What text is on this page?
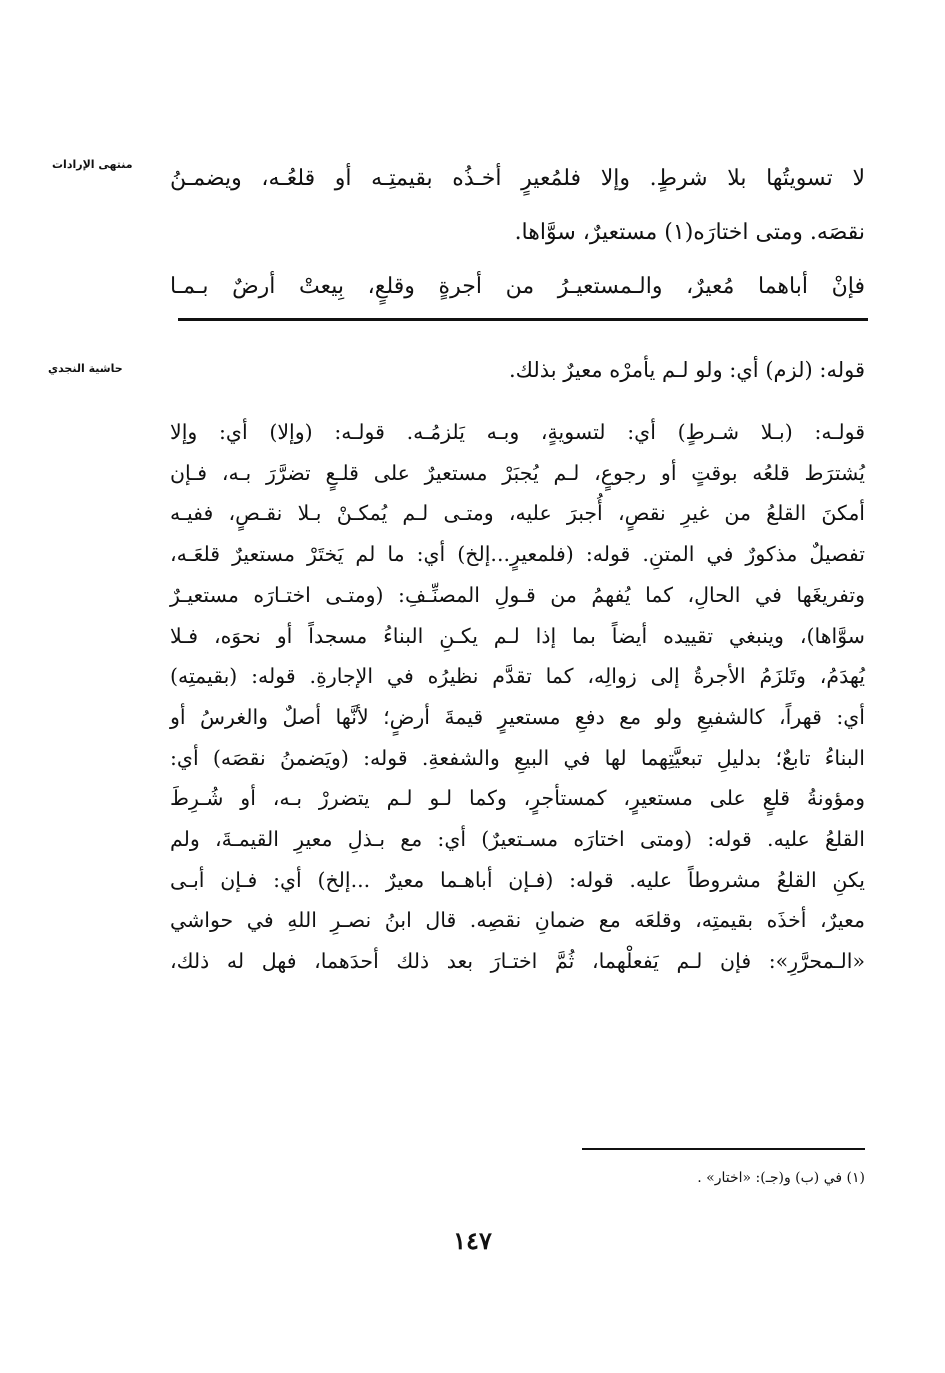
منتهى الإرادات
حاشية النجدي
لا تسويتُها بلا شرطٍ. وإلا فلمُعيرٍ أخـذُه بقيمتِـه أو قلعُـه، ويضمـنُ
نقصَه. ومتى اختارَه(١) مستعيرٌ، سوَّاها.
فإنْ أباهما مُعيرٌ، والـمستعيـرُ من أجرةٍ وقلعٍ، بِيعتْ أرضٌ بـمـا
قوله: (لزم) أي: ولو لـم يأمرْه معيرٌ بذلك.
قولـه: (بـلا شـرطٍ) أي: لتسويةٍ، وبـه يَلزمُـه. قولـه: (وإلا) أي: وإلا
يُشترَط قلعُه بوقتٍ أو رجوعٍ، لـم يُجبَرْ مستعيرٌ على قلـعٍ تضرَّرَ بـه، فـإن
أمكنَ القلعُ من غيرِ نقصٍ، أُجبرَ عليه، ومتـى لـم يُمكـنْ بـلا نقـصٍ، ففيـه
تفصيلٌ مذكورٌ في المتنِ. قوله: (فلمعيرٍ...إلخ) أي: ما لم يَختَرْ مستعيرٌ قلعَـه،
وتفريغَها في الحالِ، كما يُفهمُ من قـولِ المصنِّـفِ: (ومتـى اختـارَه مستعيـرٌ
سوَّاها)، وينبغي تقييده أيضاً بما إذا لـم يكـنِ البناءُ مسجداً أو نحوَه، فـلا
يُهدَمُ، وتَلزَمُ الأجرةُ إلى زوالِه، كما تقدَّم نظيرُه في الإجارةِ. قوله: (بقيمتِه)
أي: قهراً، كالشفيعِ ولو مع دفعِ مستعيرٍ قيمةَ أرضٍ؛ لأنَّها أصلٌ والغرسُ أو
البناءُ تابعٌ؛ بدليلِ تبعيَّتِهما لها في البيعِ والشفعةِ. قوله: (ويَضمنُ نقصَه) أي:
ومؤونةُ قلعٍ على مستعيرٍ، كمستأجرٍ، وكما لـو لـم يتضررْ بـه، أو شُـرِطَ
القلعُ عليه. قوله: (ومتى اختارَه مسـتعيرٌ) أي: مع بـذلِ معيرِ القيمـةَ، ولم
يكنِ القلعُ مشروطاً عليه. قوله: (فـإن أباهـما معيرٌ ...إلخ) أي: فـإن أبـى
معيرٌ، أخذَه بقيمتِه، وقلعَه مع ضمانِ نقصِه. قال ابنُ نصـرِ اللهِ في حواشي
«الـمحرَّرِ»: فإن لـم يَفعلْهما، ثُمَّ اختـارَ بعد ذلك أحدَهما، فهل له ذلك،
(١) في (ب) و(جـ): «اختار» .
١٤٧
